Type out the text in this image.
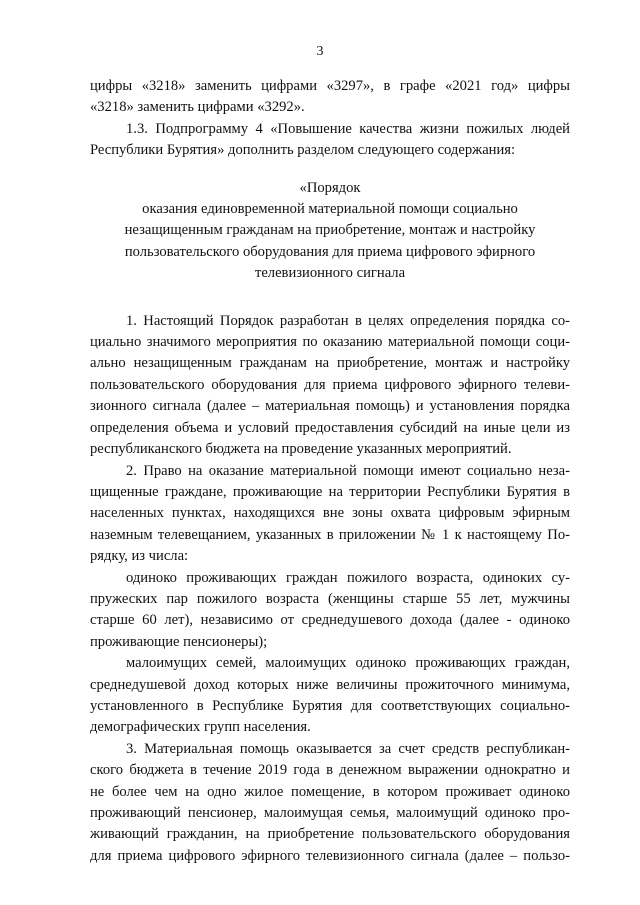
3
цифры «3218» заменить цифрами «3297», в графе «2021 год» цифры
«3218» заменить цифрами «3292».
1.3. Подпрограмму 4 «Повышение качества жизни пожилых людей
Республики Бурятия» дополнить разделом следующего содержания:
«Порядок
оказания единовременной материальной помощи социально
незащищенным гражданам на приобретение, монтаж и настройку
пользовательского оборудования для приема цифрового эфирного
телевизионного сигнала
1. Настоящий Порядок разработан в целях определения порядка со-
циально значимого мероприятия по оказанию материальной помощи соци-
ально незащищенным гражданам на приобретение, монтаж и настройку
пользовательского оборудования для приема цифрового эфирного телеви-
зионного сигнала (далее – материальная помощь) и установления порядка
определения объема и условий предоставления субсидий на иные цели из
республиканского бюджета на проведение указанных мероприятий.
2. Право на оказание материальной помощи имеют социально неза-
щищенные граждане, проживающие на территории Республики Бурятия в
населенных пунктах, находящихся вне зоны охвата цифровым эфирным
наземным телевещанием, указанных в приложении № 1 к настоящему По-
рядку, из числа:
одиноко проживающих граждан пожилого возраста, одиноких су-
пружеских пар пожилого возраста (женщины старше 55 лет, мужчины
старше 60 лет), независимо от среднедушевого дохода (далее - одиноко
проживающие пенсионеры);
малоимущих семей, малоимущих одиноко проживающих граждан,
среднедушевой доход которых ниже величины прожиточного минимума,
установленного в Республике Бурятия для соответствующих социально-
демографических групп населения.
3. Материальная помощь оказывается за счет средств республикан-
ского бюджета в течение 2019 года в денежном выражении однократно и
не более чем на одно жилое помещение, в котором проживает одиноко
проживающий пенсионер, малоимущая семья, малоимущий одиноко про-
живающий гражданин, на приобретение пользовательского оборудования
для приема цифрового эфирного телевизионного сигнала (далее – пользо-
